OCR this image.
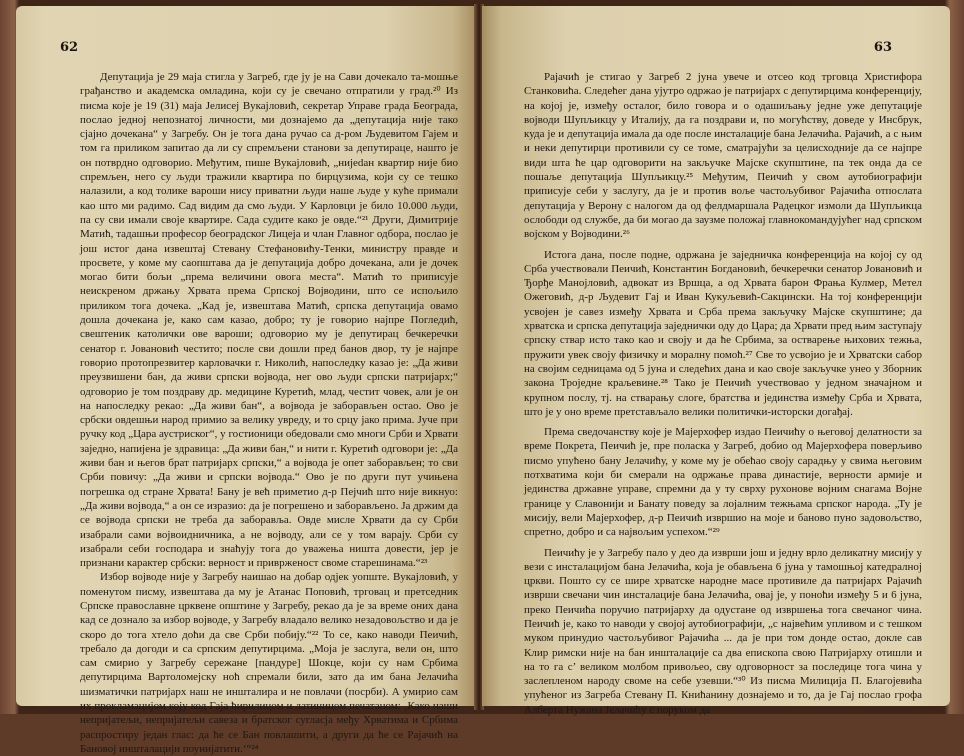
62

Депутација је 29 маја стигла у Загреб, где ју је на Сави дочекало та-мошње грађанство и академска омладина, који су је свечано отпратили у град.²⁰ Из писма које је 19 (31) маја Јелисеј Вукајловић, секретар Управе града Београда, послао једној непознатој личности, ми дознајемо да „депутација није тако сјајно дочекана“ у Загребу. Он је тога дана ручао са д-ром Људевитом Гајем и том га приликом запитао да ли су спремљени станови за депутираце, нашто је он потврдно одговорио. Међутим, пише Вукајловић, „нијedан квартир није био спремљен, него су људи тражили квартира по бирцузима, који су се тешко налазили, а код толике вароши нису приватни људи наше људе у куће примали као што ми радимо. Сад видим да смо људи. У Карловци је било 10.000 људи, па су сви имали своје квартире. Сада судите како је овде.“²¹ Други, Димитрије Матић, тадашњи професор београдског Лицеја и члан Главног одбора, послао је још истог дана извештај Стевану Стефановићу-Тенки, министру правде и просвете, у коме му саопштава да је депутација добро дочекана, али је дочек могао бити бољи „према величини овога места“. Матић то приписује неискреном држању Хрвата према Српској Војводини, што се испољило приликом тога дочека. „Кад је, извештава Матић, српска депутација овамо дошла дочекана је, како сам казао, добро; ту је говорио најпре Поглeдић, свештеник католички ове вароши; одговорио му је депутирац бечкеречки сенатор г. Јовановић честито; после сви дошли пред банов двор, ту је најпре говорио протопрезвитер карловачки г. Николић, напоследку казао је: „Да живи преузвишени бан, да живи српски војвода, нег ово људи српски патријарх;“ одговорио је том поздраву др. медицине Куретић, млад, честит човек, али је он на напоследку рекао: „Да живи бан“, а војвода је заборављен остао. Ово је србски овдешњи народ примио за велику увреду, и то срцу јако прима. Јуче при ручку код „Цара аустриског“, у гостионици обедовали смо многи Срби и Хрвати заједно, напијена је здравица: „Да живи бан,“ и нити г. Куретић одговори је: „Да живи бан и његов брат патријарх српски,“ а војвода је опет заборављен; то сви Срби повичу: „Да живи и српски војвода.“ Ово је по други пут учињена погрешка од стране Хрвата! Бану је већ приметио д-р Пејчић што није викнуо: „Да живи војвода,“ а он се изразио: да је погрешено и заборављено. Ја држим да се војвода српски не треба да заборавља. Овде мисле Хрвати да су Срби изабрали сами војвоидничника, а не војводу, али се у том варају. Срби су изабрали себи господара и знаћују тога до уважења ништа довести, јер је признани карактер србски: верност и привржeност своме старешинама.“²³

Избор војводе није у Загребу наишао на добар одјек уопште. Вукајловић, у поменутом писму, извештава да му је Атанас Поповић, трговац и претседник Српске православне црквене општине у Загребу, рекао да је за време оних дана кад се дознало за избор војводе, у Загребу владало велико незадовољство и да је скоро до тога хтело доћи да све Срби побију.“²² То се, како наводи Пеичић, требало да догоди и са српским депутирцима. „Моја је заслуга, вели он, што сам смирио у Загребу сережане [пандуре] Шокце, који су нам Србима депутирцима Вартоломејску ноћ спремали били, зато да им бана Јелачића шизматички патријарх наш не инштaлира и не повлачи (посрби). А умирио сам их прокламацијом коју код Гаја ћирилицом и латиницом печатаном: ‚Како наши непријатељи, непријатељи савеза и братског сугласја међу Хрватима и Србима распростиру један глас: да ће се Бан повлашити, а други да ће се Рајачић на Бановој инштaлацији поунијатити.‘“²⁴

63

Рајачић је стигао у Загреб 2 јуна увече и отсео код трговца Христифора Станковића. Следећег дана ујутро одржао је патријарх с депутирцима конференцију, на којој је, између осталог, било говора и о одашиљању једне уже депутације војводи Шупљикцу у Италију, да га поздрави и, по могућству, доведе у Инсбрук, куда је и депутација имала да оде после инсталације бана Јелачића. Рајачић, а с њим и неки депутирци противили су се томе, сматрајући за целисходније да се најпре види шта ће цар одговорити на закључке Мајске скупштине, па тек онда да се пошаље депутација Шупљикцу.²⁵ Међутим, Пеичић у свом аутобиографији приписује себи у заслугу, да је и против воље частољубивог Рајачића отпослата депутација у Верону с налогом да од фелдмаршала Радецког измоли да Шупљикца ослободи од службе, да би могао да заузме положај главнокомандујућег над српском војском у Војводини.²⁶

Истога дана, после подне, одржана је заједничка конференција на којој су од Срба учествовали Пеичић, Константин Богдановић, бечкеречки сенатор Јовановић и Ђорђе Манојловић, адвокат из Вршца, а од Хрвата барон Фрања Кулмер, Метел Ожеговић, д-р Људевит Гај и Иван Кукуљевић-Сакцински. На тој конференцији усвојен је савез између Хрвата и Срба према закључку Мајске скупштине; да хрватска и српска депутација заједнички оду до Цара; да Хрвати пред њим заступају српску ствар исто тако као и своју и да ће Србима, за остварење њихових тежња, пружити увек своју физичку и моралну помоћ.²⁷ Све то усвојио је и Хрватски сабор на својим седницама од 5 јуна и следећих дана и као своје закључке унео у Зборник закона Троједне краљевине.²⁸ Тако је Пеичић учествовао у једном значајном и крупном послу, тј. на стварању слоге, братства и јединства између Срба и Хрвата, што је у оно време претстављало велики политички-исторски догађај.

Према сведочанству које је Мајерхофер издао Пеичићу о његовој делатности за време Покрета, Пеичић је, пре поласка у Загреб, добио од Мајерхофера поверљиво писмо упућено бану Јелачићу, у коме му је обећао своју сарадњу у свима његовим потхватима који би смерали на одржање права династије, верности армије и јединства државне управе, спремни да у ту сврху рухоновe војним снагама Војне границе у Славонији и Банату поведу за лојалним тежњама српског народа. „Ту је мисију, вели Мајерхофер, д-р Пеичић извршио на моје и баново пуно задовољство, спретно, добро и са највољим успехом.“²⁹

Пеичићу је у Загребу пало у део да изврши још и једну врло деликатну мисију у вези с инсталацијом бана Јелачића, која је обављена 6 јуна у тамошњој катедралној цркви. Пошто су се шире хрватске народне масе противиле да патријарх Рајачић изврши свечани чин инсталације бана Јелачића, овај је, у поноћи између 5 и 6 јуна, преко Пеичића поручио патријарху да одустане од извршења тога свечаног чина. Пеичић је, како то наводи у својој аутобиографији, „с највећим упливом и с тешком муком принудио частољубивог Рајачића ... да је при том донде остао, докле сав Клир римски није на бан инштaлације са два епископа свою Патријарху отишли и на то га с’ великом молбом привољео, сву одговорност за последице тога чина у заслепленом народу своме на себе узевши.“³⁰ Из писма Милиција П. Благојевића упућеног из Загреба Стевану П. Книћанину дознајемо и то, да је Гај послао грофа Алберта Нужана Јелачићу с порукoм да
